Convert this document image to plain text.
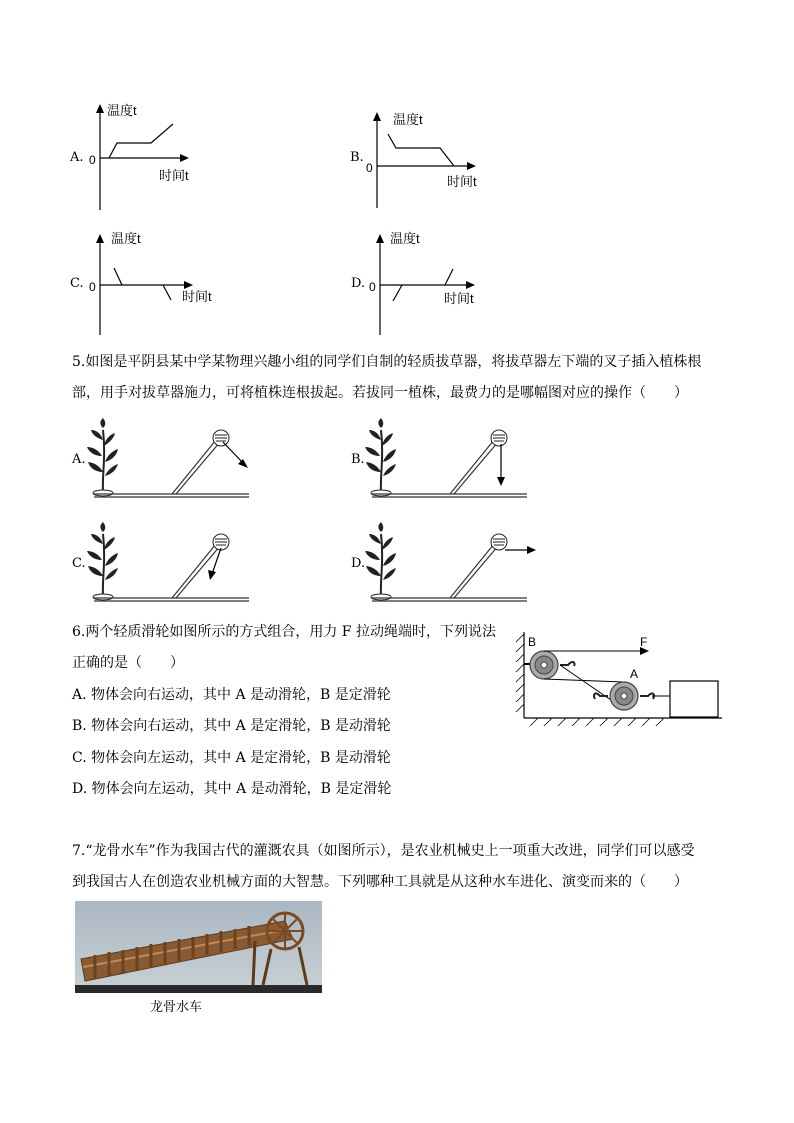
A.
温度t
0
时间t
B.
温度t
0
时间t
C.
温度t
0
时间t
D.
温度t
0
时间t
5.如图是平阴县某中学某物理兴趣小组的同学们自制的轻质拔草器，将拔草器左下端的叉子插入植株根
部，用手对拔草器施力，可将植株连根拔起。若拔同一植株，最费力的是哪幅图对应的操作（　　）
A.	B.
C.	D.
6.两个轻质滑轮如图所示的方式组合，用力 F 拉动绳端时，下列说法
正确的是（　　）
A. 物体会向右运动，其中 A 是动滑轮，B 是定滑轮
B. 物体会向右运动，其中 A 是定滑轮，B 是动滑轮
C. 物体会向左运动，其中 A 是定滑轮，B 是动滑轮
D. 物体会向左运动，其中 A 是动滑轮，B 是定滑轮
B	F
A
7.“龙骨水车”作为我国古代的灌溉农具（如图所示），是农业机械史上一项重大改进，同学们可以感受
到我国古人在创造农业机械方面的大智慧。下列哪种工具就是从这种水车进化、演变而来的（　　）
龙骨水车
